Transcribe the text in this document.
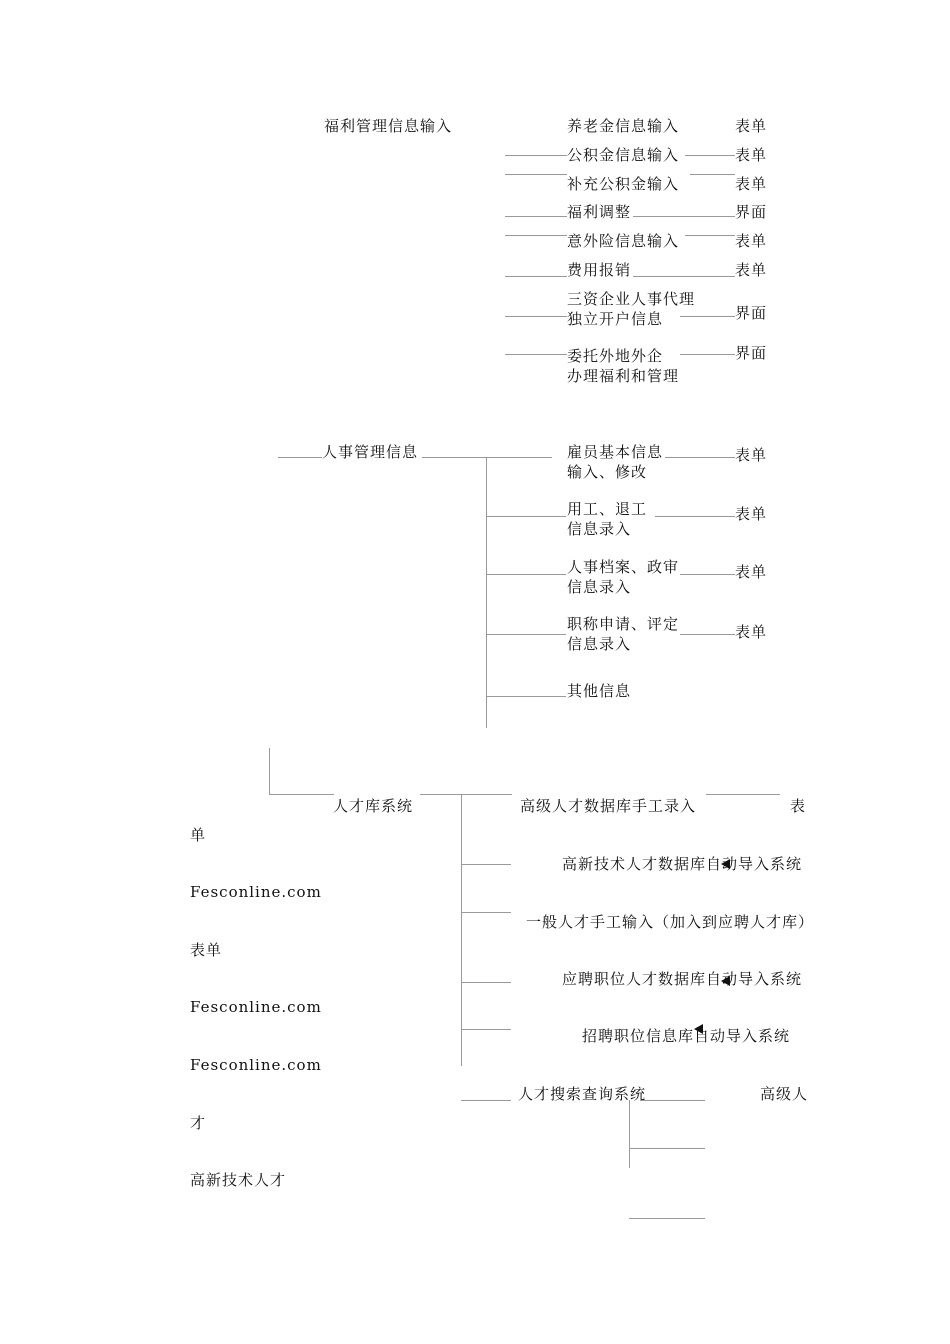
福利管理信息输入	养老金信息输入	表单
公积金信息输入	表单
补充公积金输入	表单
福利调整	界面
意外险信息输入	表单
费用报销	表单
三资企业人事代理
独立开户信息	界面
委托外地外企
办理福利和管理
界面
人事管理信息	雇员基本信息
输入、修改
表单
用工、退工
信息录入
表单
人事档案、政审
信息录入
表单
职称申请、评定
信息录入
表单
其他信息
人才库系统	高级人才数据库手工录入	表
高新技术人才数据库自动导入系统
一般人才手工输入（加入到应聘人才库）
应聘职位人才数据库自动导入系统
招聘职位信息库自动导入系统
人才搜索查询系统	高级人
单
Fesconline.com
表单
Fesconline.com
Fesconline.com
才
高新技术人才
